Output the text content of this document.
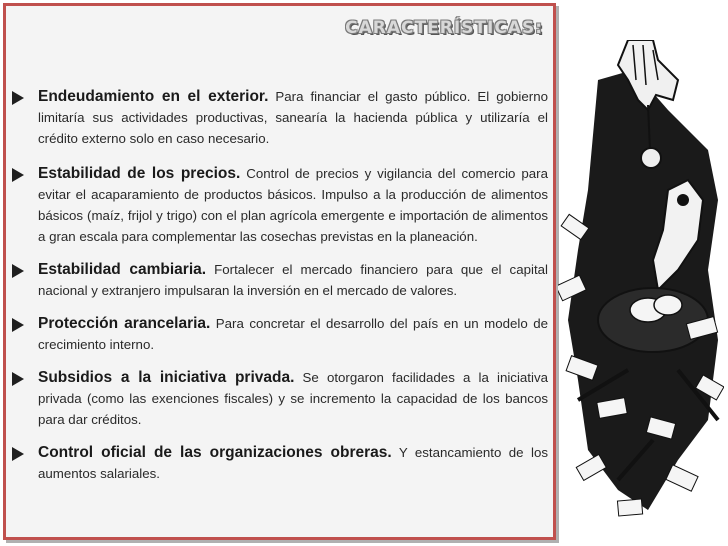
CARACTERÍSTICAS:

Endeudamiento en el exterior. Para financiar el gasto público. El gobierno limitaría sus actividades productivas, sanearía la hacienda pública y utilizaría el crédito externo solo en caso necesario.

Estabilidad de los precios. Control de precios y vigilancia del comercio para evitar el acaparamiento de productos básicos. Impulso a la producción de alimentos básicos (maíz, frijol y trigo) con el plan agrícola emergente e importación de alimentos a gran escala para complementar las cosechas previstas en la planeación.

Estabilidad cambiaria. Fortalecer el mercado financiero para que el capital nacional y extranjero impulsaran la inversión en el mercado de valores.

Protección arancelaria. Para concretar el desarrollo del país en un modelo de crecimiento interno.

Subsidios a la iniciativa privada. Se otorgaron facilidades a la iniciativa privada (como las exenciones fiscales) y se incremento la capacidad de los bancos para dar créditos.

Control oficial de las organizaciones obreras. Y estancamiento de los aumentos salariales.
